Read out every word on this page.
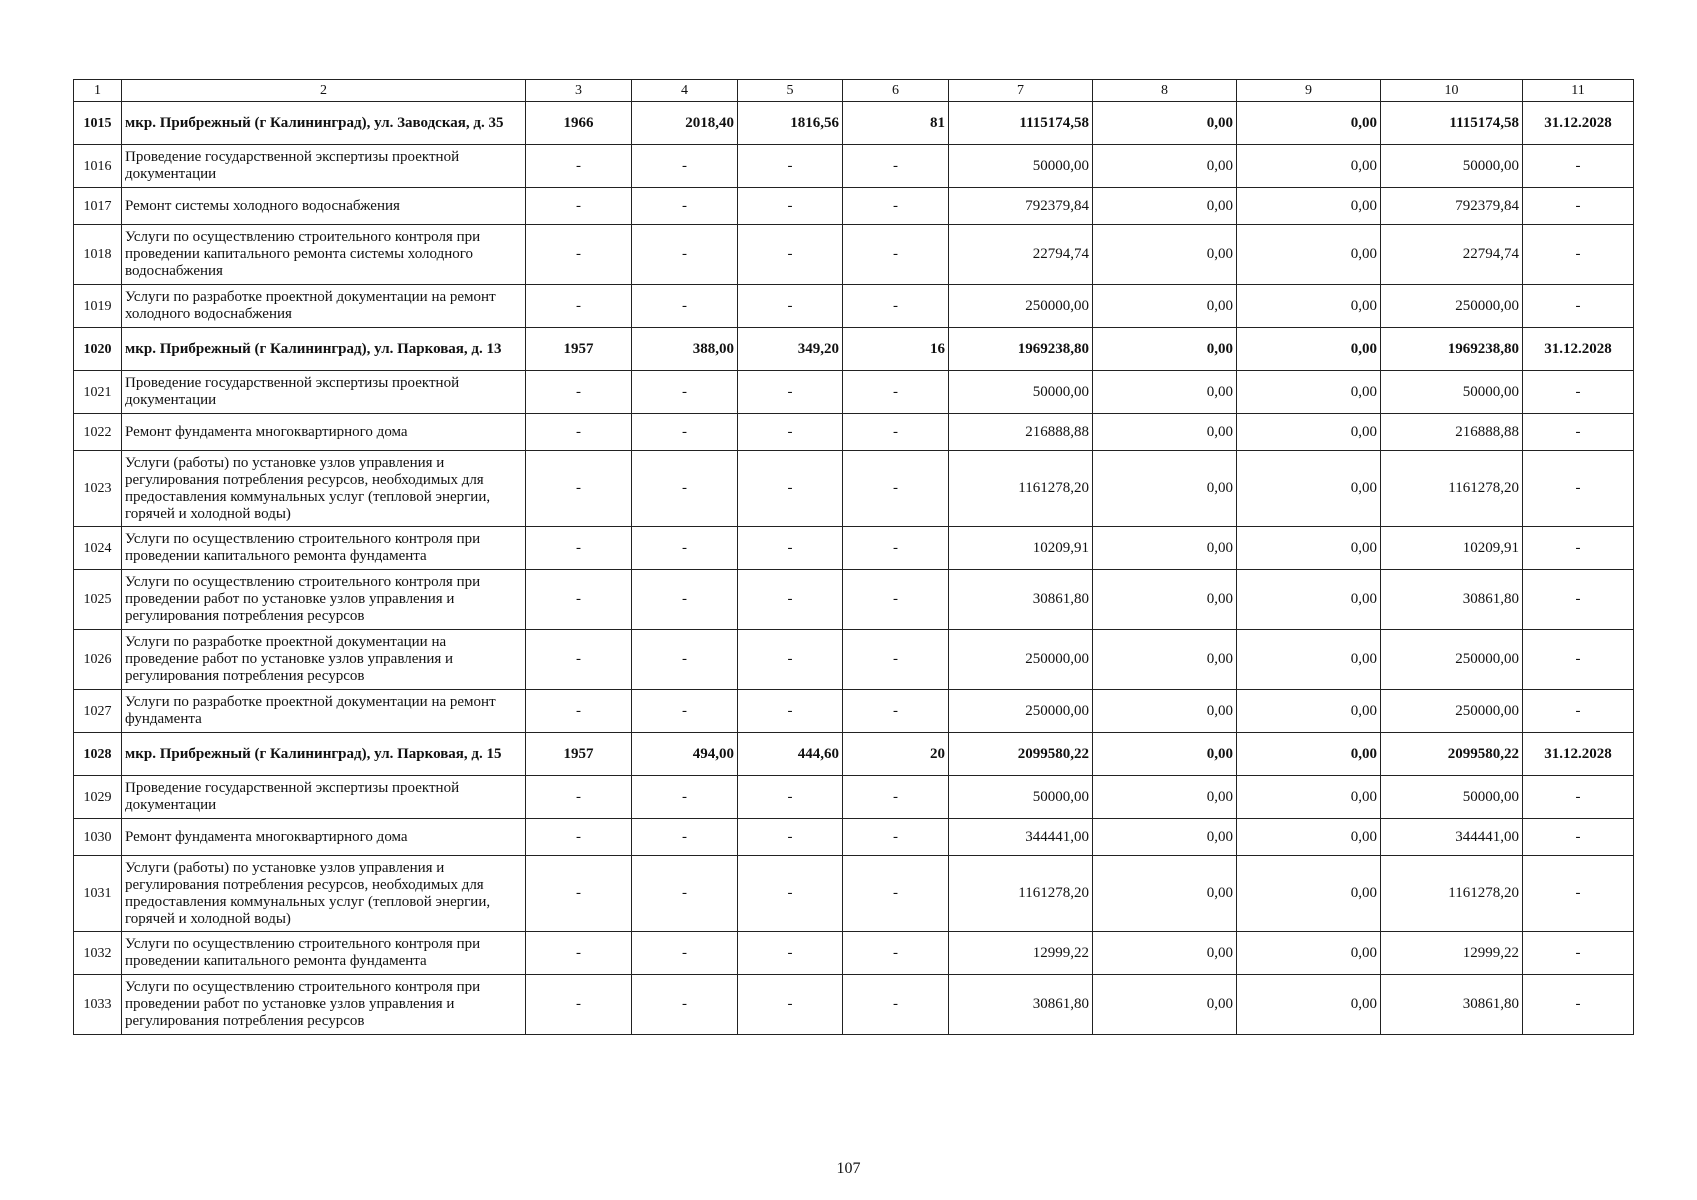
1	2	3	4	5	6	7	8	9	10	11
1015	мкр. Прибрежный (г Калининград), ул. Заводская, д. 35	1966	2018,40	1816,56	81	1115174,58	0,00	0,00	1115174,58	31.12.2028
1016	Проведение государственной экспертизы проектной документации	-	-	-	-	50000,00	0,00	0,00	50000,00	-
1017	Ремонт системы холодного водоснабжения	-	-	-	-	792379,84	0,00	0,00	792379,84	-
1018	Услуги по осуществлению строительного контроля при проведении капитального ремонта системы холодного водоснабжения	-	-	-	-	22794,74	0,00	0,00	22794,74	-
1019	Услуги по разработке проектной документации на ремонт холодного водоснабжения	-	-	-	-	250000,00	0,00	0,00	250000,00	-
1020	мкр. Прибрежный (г Калининград), ул. Парковая, д. 13	1957	388,00	349,20	16	1969238,80	0,00	0,00	1969238,80	31.12.2028
1021	Проведение государственной экспертизы проектной документации	-	-	-	-	50000,00	0,00	0,00	50000,00	-
1022	Ремонт фундамента многоквартирного дома	-	-	-	-	216888,88	0,00	0,00	216888,88	-
1023	Услуги (работы) по установке узлов управления и регулирования потребления ресурсов, необходимых для предоставления коммунальных услуг (тепловой энергии, горячей и холодной воды)	-	-	-	-	1161278,20	0,00	0,00	1161278,20	-
1024	Услуги по осуществлению строительного контроля при проведении капитального ремонта фундамента	-	-	-	-	10209,91	0,00	0,00	10209,91	-
1025	Услуги по осуществлению строительного контроля при проведении работ по установке узлов управления и регулирования потребления ресурсов	-	-	-	-	30861,80	0,00	0,00	30861,80	-
1026	Услуги по разработке проектной документации на проведение работ по установке узлов управления и регулирования потребления ресурсов	-	-	-	-	250000,00	0,00	0,00	250000,00	-
1027	Услуги по разработке проектной документации на ремонт фундамента	-	-	-	-	250000,00	0,00	0,00	250000,00	-
1028	мкр. Прибрежный (г Калининград), ул. Парковая, д. 15	1957	494,00	444,60	20	2099580,22	0,00	0,00	2099580,22	31.12.2028
1029	Проведение государственной экспертизы проектной документации	-	-	-	-	50000,00	0,00	0,00	50000,00	-
1030	Ремонт фундамента многоквартирного дома	-	-	-	-	344441,00	0,00	0,00	344441,00	-
1031	Услуги (работы) по установке узлов управления и регулирования потребления ресурсов, необходимых для предоставления коммунальных услуг (тепловой энергии, горячей и холодной воды)	-	-	-	-	1161278,20	0,00	0,00	1161278,20	-
1032	Услуги по осуществлению строительного контроля при проведении капитального ремонта фундамента	-	-	-	-	12999,22	0,00	0,00	12999,22	-
1033	Услуги по осуществлению строительного контроля при проведении работ по установке узлов управления и регулирования потребления ресурсов	-	-	-	-	30861,80	0,00	0,00	30861,80	-
107
